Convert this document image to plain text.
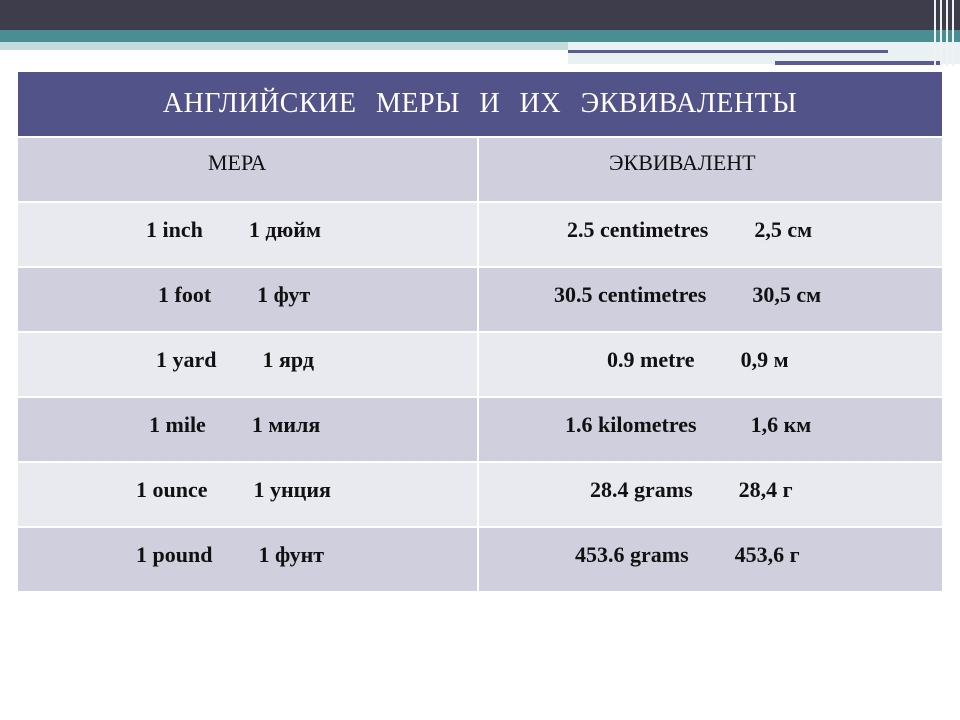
АНГЛИЙСКИЕ МЕРЫ И ИХ ЭКВИВАЛЕНТЫ
МЕРА	ЭКВИВАЛЕНТ
1 inch 1 дюйм	2.5 centimetres 2,5 см
1 foot 1 фут	30.5 centimetres 30,5 см
1 yard 1 ярд	0.9 metre 0,9 м
1 mile 1 миля	1.6 kilometres 1,6 км
1 ounce 1 унция	28.4 grams 28,4 г
1 pound 1 фунт	453.6 grams 453,6 г
